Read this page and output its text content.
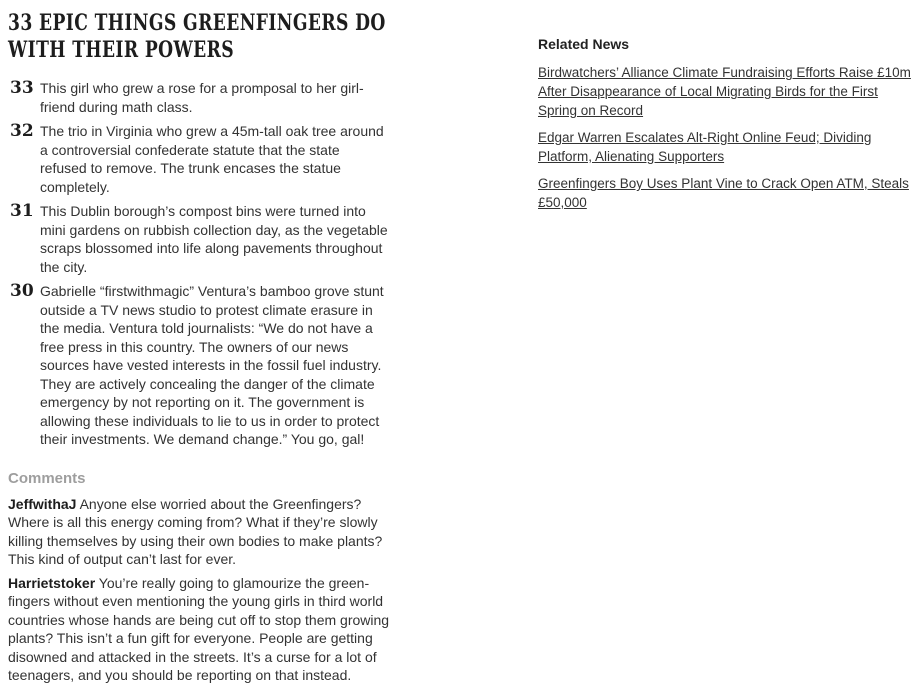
33 EPIC THINGS GREENFINGERS DO WITH THEIR POWERS
33 This girl who grew a rose for a promposal to her girl-friend during math class.

32 The trio in Virginia who grew a 45m-tall oak tree around a controversial confederate statute that the state refused to remove. The trunk encases the statue completely.

31 This Dublin borough’s compost bins were turned into mini gardens on rubbish collection day, as the vegetable scraps blossomed into life along pavements throughout the city.

30 Gabrielle “firstwithmagic” Ventura’s bamboo grove stunt outside a TV news studio to protest climate erasure in the media. Ventura told journalists: “We do not have a free press in this country. The owners of our news sources have vested interests in the fossil fuel industry. They are actively concealing the danger of the climate emergency by not reporting on it. The government is allowing these individuals to lie to us in order to protect their investments. We demand change.” You go, gal!

Comments

JeffwithaJ Anyone else worried about the Greenfingers? Where is all this energy coming from? What if they’re slowly killing themselves by using their own bodies to make plants? This kind of output can’t last for ever.

Harrietstoker You’re really going to glamourize the green-fingers without even mentioning the young girls in third world countries whose hands are being cut off to stop them growing plants? This isn’t a fun gift for everyone. People are getting disowned and attacked in the streets. It’s a curse for a lot of teenagers, and you should be reporting on that instead.

Related News
Birdwatchers’ Alliance Climate Fundraising Efforts Raise £10m After Disappearance of Local Migrating Birds for the First Spring on Record
Edgar Warren Escalates Alt-Right Online Feud; Dividing Platform, Alienating Supporters
Greenfingers Boy Uses Plant Vine to Crack Open ATM, Steals £50,000
